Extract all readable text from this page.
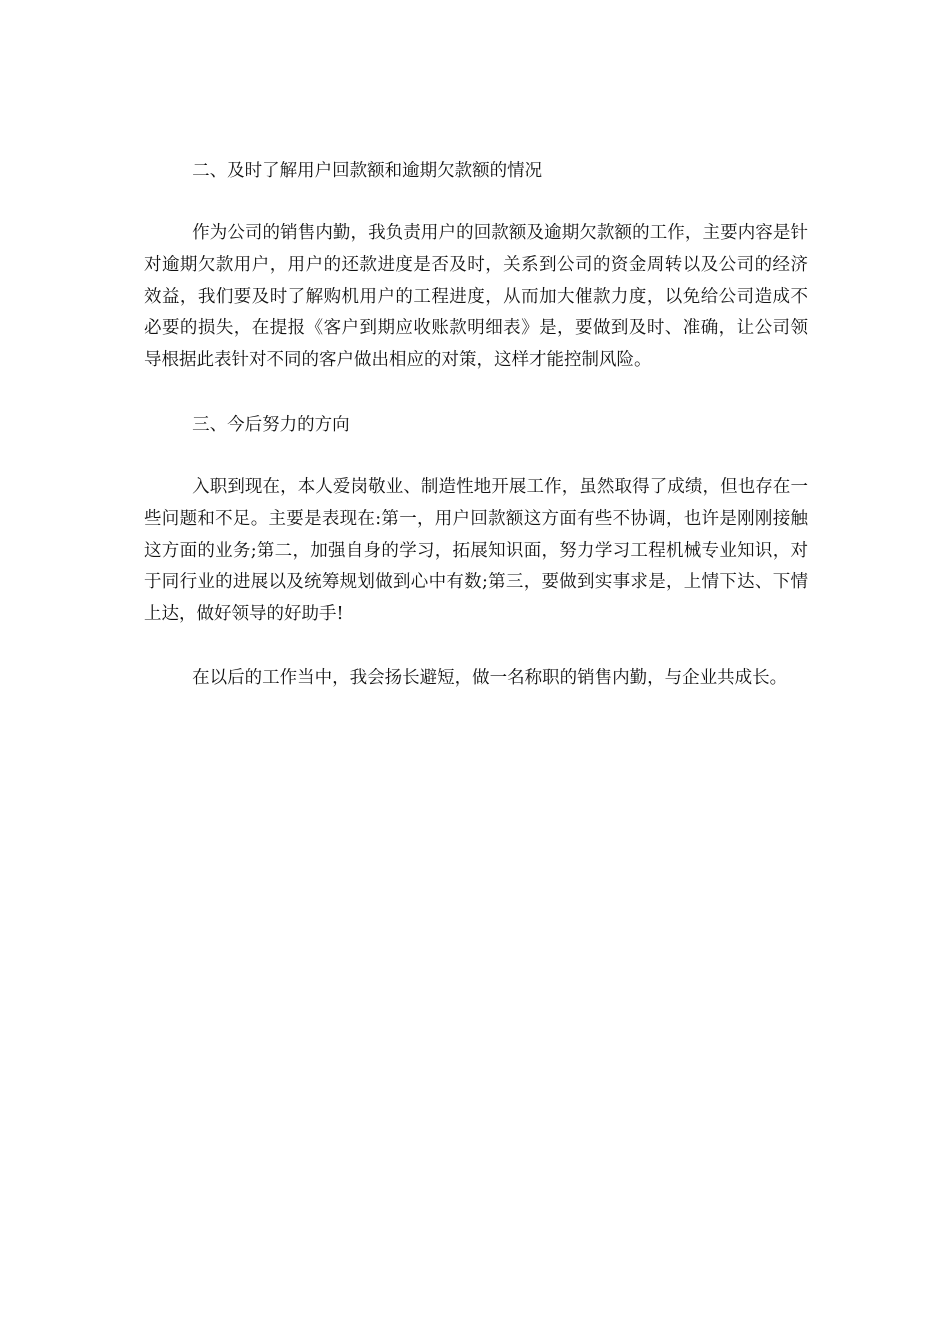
二、及时了解用户回款额和逾期欠款额的情况

作为公司的销售内勤，我负责用户的回款额及逾期欠款额的工作，主要内容是针对逾期欠款用户，用户的还款进度是否及时，关系到公司的资金周转以及公司的经济效益，我们要及时了解购机用户的工程进度，从而加大催款力度，以免给公司造成不必要的损失，在提报《客户到期应收账款明细表》是，要做到及时、准确，让公司领导根据此表针对不同的客户做出相应的对策，这样才能控制风险。

三、今后努力的方向

入职到现在，本人爱岗敬业、制造性地开展工作，虽然取得了成绩，但也存在一些问题和不足。主要是表现在:第一，用户回款额这方面有些不协调，也许是刚刚接触这方面的业务;第二，加强自身的学习，拓展知识面，努力学习工程机械专业知识，对于同行业的进展以及统筹规划做到心中有数;第三，要做到实事求是，上情下达、下情上达，做好领导的好助手!

在以后的工作当中，我会扬长避短，做一名称职的销售内勤，与企业共成长。
